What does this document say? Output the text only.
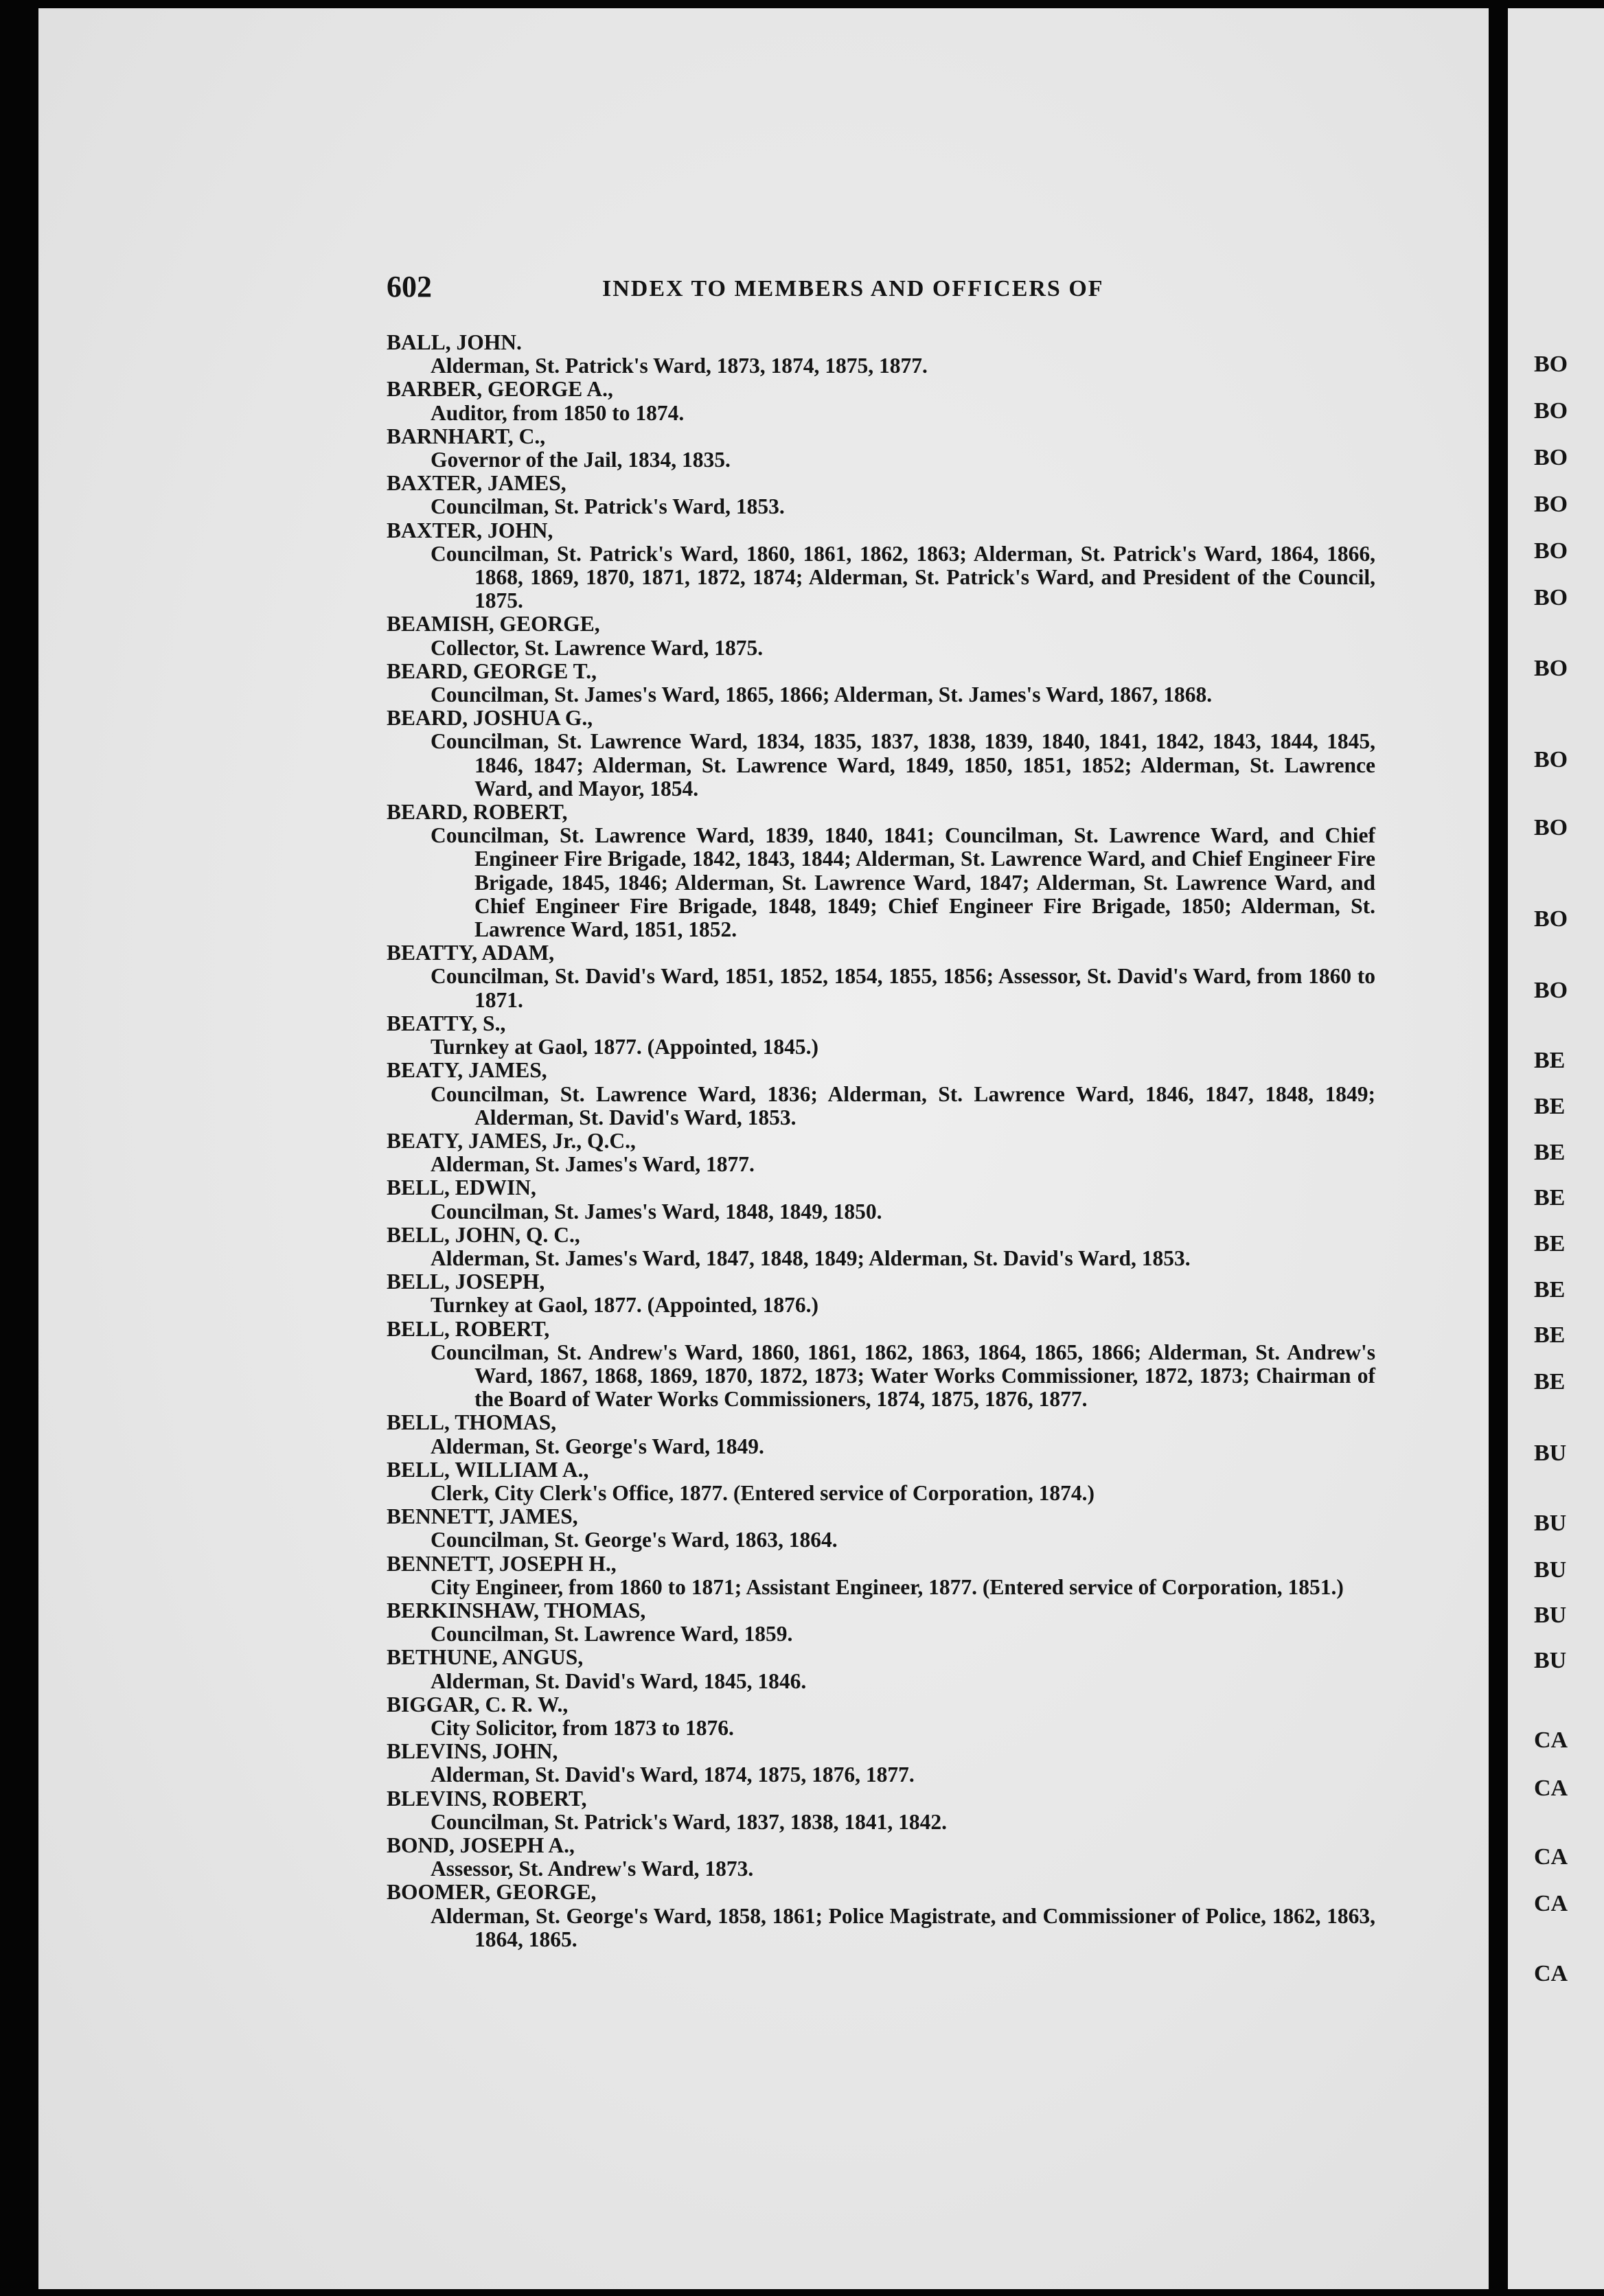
BO
BO
BO
BO
BO
BO
BO
BO
BO
BO
BO
BE
BE
BE
BE
BE
BE
BE
BE
BU
BU
BU
BU
BU
CA
CA
CA
CA
CA
602	INDEX TO MEMBERS AND OFFICERS OF
BALL, JOHN.
Alderman, St. Patrick's Ward, 1873, 1874, 1875, 1877.
BARBER, GEORGE A.,
Auditor, from 1850 to 1874.
BARNHART, C.,
Governor of the Jail, 1834, 1835.
BAXTER, JAMES,
Councilman, St. Patrick's Ward, 1853.
BAXTER, JOHN,
Councilman, St. Patrick's Ward, 1860, 1861, 1862, 1863; Alderman, St. Patrick's Ward, 1864, 1866, 1868, 1869, 1870, 1871, 1872, 1874; Alderman, St. Patrick's Ward, and President of the Council, 1875.
BEAMISH, GEORGE,
Collector, St. Lawrence Ward, 1875.
BEARD, GEORGE T.,
Councilman, St. James's Ward, 1865, 1866; Alderman, St. James's Ward, 1867, 1868.
BEARD, JOSHUA G.,
Councilman, St. Lawrence Ward, 1834, 1835, 1837, 1838, 1839, 1840, 1841, 1842, 1843, 1844, 1845, 1846, 1847; Alderman, St. Lawrence Ward, 1849, 1850, 1851, 1852; Alderman, St. Lawrence Ward, and Mayor, 1854.
BEARD, ROBERT,
Councilman, St. Lawrence Ward, 1839, 1840, 1841; Councilman, St. Lawrence Ward, and Chief Engineer Fire Brigade, 1842, 1843, 1844; Alderman, St. Lawrence Ward, and Chief Engineer Fire Brigade, 1845, 1846; Alderman, St. Lawrence Ward, 1847; Alderman, St. Lawrence Ward, and Chief Engineer Fire Brigade, 1848, 1849; Chief Engineer Fire Brigade, 1850; Alderman, St. Lawrence Ward, 1851, 1852.
BEATTY, ADAM,
Councilman, St. David's Ward, 1851, 1852, 1854, 1855, 1856; Assessor, St. David's Ward, from 1860 to 1871.
BEATTY, S.,
Turnkey at Gaol, 1877. (Appointed, 1845.)
BEATY, JAMES,
Councilman, St. Lawrence Ward, 1836; Alderman, St. Lawrence Ward, 1846, 1847, 1848, 1849; Alderman, St. David's Ward, 1853.
BEATY, JAMES, Jr., Q.C.,
Alderman, St. James's Ward, 1877.
BELL, EDWIN,
Councilman, St. James's Ward, 1848, 1849, 1850.
BELL, JOHN, Q. C.,
Alderman, St. James's Ward, 1847, 1848, 1849; Alderman, St. David's Ward, 1853.
BELL, JOSEPH,
Turnkey at Gaol, 1877. (Appointed, 1876.)
BELL, ROBERT,
Councilman, St. Andrew's Ward, 1860, 1861, 1862, 1863, 1864, 1865, 1866; Alderman, St. Andrew's Ward, 1867, 1868, 1869, 1870, 1872, 1873; Water Works Commissioner, 1872, 1873; Chairman of the Board of Water Works Commissioners, 1874, 1875, 1876, 1877.
BELL, THOMAS,
Alderman, St. George's Ward, 1849.
BELL, WILLIAM A.,
Clerk, City Clerk's Office, 1877. (Entered service of Corporation, 1874.)
BENNETT, JAMES,
Councilman, St. George's Ward, 1863, 1864.
BENNETT, JOSEPH H.,
City Engineer, from 1860 to 1871; Assistant Engineer, 1877. (Entered service of Corporation, 1851.)
BERKINSHAW, THOMAS,
Councilman, St. Lawrence Ward, 1859.
BETHUNE, ANGUS,
Alderman, St. David's Ward, 1845, 1846.
BIGGAR, C. R. W.,
City Solicitor, from 1873 to 1876.
BLEVINS, JOHN,
Alderman, St. David's Ward, 1874, 1875, 1876, 1877.
BLEVINS, ROBERT,
Councilman, St. Patrick's Ward, 1837, 1838, 1841, 1842.
BOND, JOSEPH A.,
Assessor, St. Andrew's Ward, 1873.
BOOMER, GEORGE,
Alderman, St. George's Ward, 1858, 1861; Police Magistrate, and Commissioner of Police, 1862, 1863, 1864, 1865.
